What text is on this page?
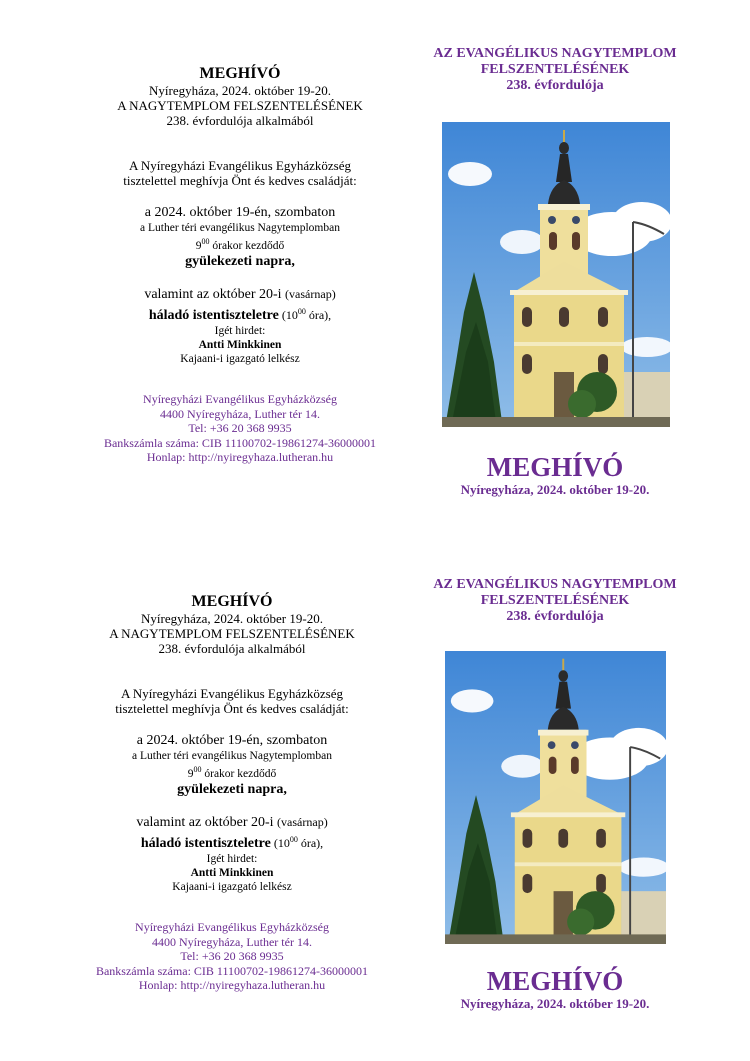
MEGHÍVÓ
Nyíregyháza, 2024. október 19-20.
A NAGYTEMPLOM FELSZENTELÉSÉNEK
238. évfordulója alkalmából
A Nyíregyházi Evangélikus Egyházközség
tisztelettel meghívja Önt és kedves családját:
a 2024. október 19-én, szombaton
a Luther téri evangélikus Nagytemplomban
$9^{00}$ órakor kezdődő
gyülekezeti napra,
valamint az október 20-i (vasárnap)
háladó istentiszteletre ($10^{00}$ óra),
Igét hirdet:
Antti Minkkinen
Kajaani-i igazgató lelkész
Nyíregyházi Evangélikus Egyházközség
4400 Nyíregyháza, Luther tér 14.
Tel: +36 20 368 9935
Bankszámla száma: CIB 11100702-19861274-36000001
Honlap: http://nyiregyhaza.lutheran.hu
AZ EVANGÉLIKUS NAGYTEMPLOM
FELSZENTELÉSÉNEK
238. évfordulója
MEGHÍVÓ
Nyíregyháza, 2024. október 19-20.
MEGHÍVÓ
Nyíregyháza, 2024. október 19-20.
A NAGYTEMPLOM FELSZENTELÉSÉNEK
238. évfordulója alkalmából
A Nyíregyházi Evangélikus Egyházközség
tisztelettel meghívja Önt és kedves családját:
a 2024. október 19-én, szombaton
a Luther téri evangélikus Nagytemplomban
$9^{00}$ órakor kezdődő
gyülekezeti napra,
valamint az október 20-i (vasárnap)
háladó istentiszteletre ($10^{00}$ óra),
Igét hirdet:
Antti Minkkinen
Kajaani-i igazgató lelkész
Nyíregyházi Evangélikus Egyházközség
4400 Nyíregyháza, Luther tér 14.
Tel: +36 20 368 9935
Bankszámla száma: CIB 11100702-19861274-36000001
Honlap: http://nyiregyhaza.lutheran.hu
AZ EVANGÉLIKUS NAGYTEMPLOM
FELSZENTELÉSÉNEK
238. évfordulója
MEGHÍVÓ
Nyíregyháza, 2024. október 19-20.
